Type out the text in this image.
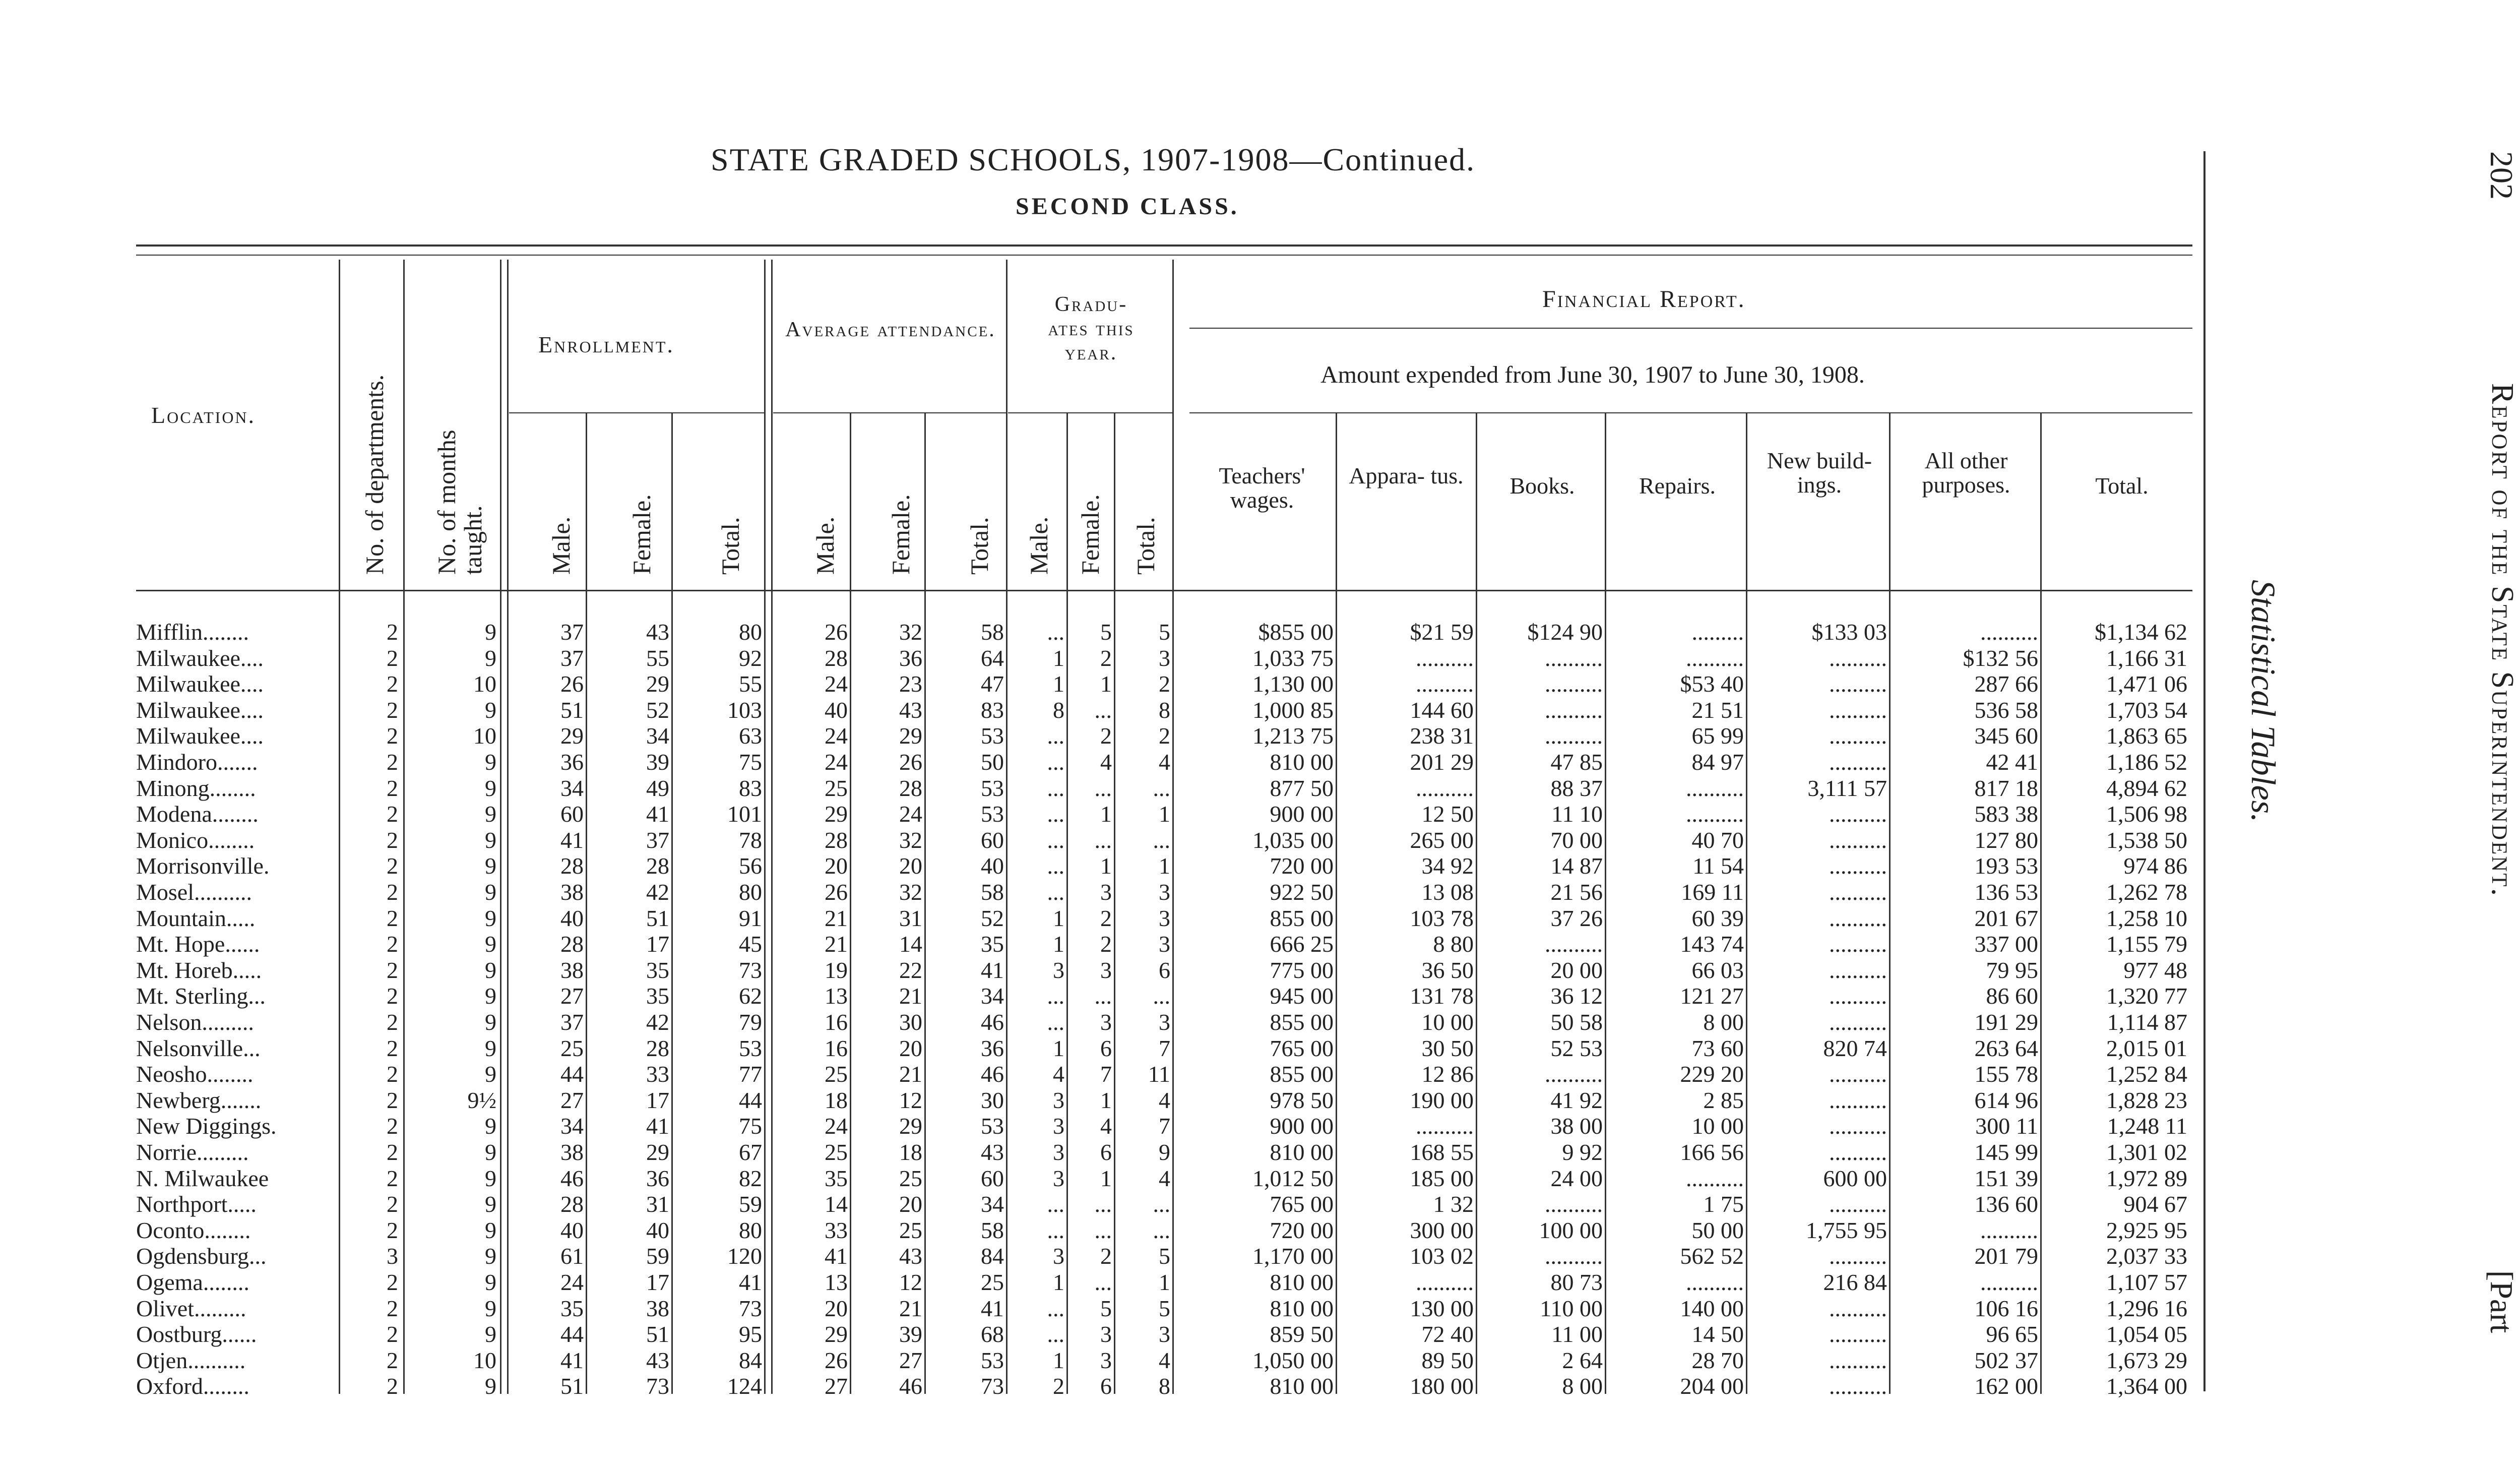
STATE GRADED SCHOOLS, 1907-1908—Continued.
SECOND CLASS.
202
Report of the State Superintendent.
[Part
Statistical Tables.
Location.	No. of departments. No. of months taught.
Enrollment.
Average attendance.
Gradu- ates this year.
Financial Report.
Amount expended from June 30, 1907 to June 30, 1908.
Male. Female. Total.	Male. Female. Total. Male. Female. Total.
Teachers' wages.
Appara- tus.	Books.	Repairs.
New build- ings.
All other purposes.	Total.
Mifflin........	2	9	37	43	80	26	32	58	...	5	5	$855 00	$21 59	$124 90	.........	$133 03	..........	$1,134 62
Milwaukee....	2	9	37	55	92	28	36	64	1	2	3	1,033 75	..........	..........	..........	..........	$132 56	1,166 31
Milwaukee....	2	10	26	29	55	24	23	47	1	1	2	1,130 00	..........	..........	$53 40	..........	287 66	1,471 06
Milwaukee....	2	9	51	52	103	40	43	83	8	...	8	1,000 85	144 60	..........	21 51	..........	536 58	1,703 54
Milwaukee....	2	10	29	34	63	24	29	53	...	2	2	1,213 75	238 31	..........	65 99	..........	345 60	1,863 65
Mindoro.......	2	9	36	39	75	24	26	50	...	4	4	810 00	201 29	47 85	84 97	..........	42 41	1,186 52
Minong........	2	9	34	49	83	25	28	53	...	...	...	877 50	..........	88 37	..........	3,111 57	817 18	4,894 62
Modena........	2	9	60	41	101	29	24	53	...	1	1	900 00	12 50	11 10	..........	..........	583 38	1,506 98
Monico........	2	9	41	37	78	28	32	60	...	...	...	1,035 00	265 00	70 00	40 70	..........	127 80	1,538 50
Morrisonville.	2	9	28	28	56	20	20	40	...	1	1	720 00	34 92	14 87	11 54	..........	193 53	974 86
Mosel..........	2	9	38	42	80	26	32	58	...	3	3	922 50	13 08	21 56	169 11	..........	136 53	1,262 78
Mountain.....	2	9	40	51	91	21	31	52	1	2	3	855 00	103 78	37 26	60 39	..........	201 67	1,258 10
Mt. Hope......	2	9	28	17	45	21	14	35	1	2	3	666 25	8 80	..........	143 74	..........	337 00	1,155 79
Mt. Horeb.....	2	9	38	35	73	19	22	41	3	3	6	775 00	36 50	20 00	66 03	..........	79 95	977 48
Mt. Sterling...	2	9	27	35	62	13	21	34	...	...	...	945 00	131 78	36 12	121 27	..........	86 60	1,320 77
Nelson.........	2	9	37	42	79	16	30	46	...	3	3	855 00	10 00	50 58	8 00	..........	191 29	1,114 87
Nelsonville...	2	9	25	28	53	16	20	36	1	6	7	765 00	30 50	52 53	73 60	820 74	263 64	2,015 01
Neosho........	2	9	44	33	77	25	21	46	4	7	11	855 00	12 86	..........	229 20	..........	155 78	1,252 84
Newberg.......	2	9½	27	17	44	18	12	30	3	1	4	978 50	190 00	41 92	2 85	..........	614 96	1,828 23
New Diggings.	2	9	34	41	75	24	29	53	3	4	7	900 00	..........	38 00	10 00	..........	300 11	1,248 11
Norrie.........	2	9	38	29	67	25	18	43	3	6	9	810 00	168 55	9 92	166 56	..........	145 99	1,301 02
N. Milwaukee	2	9	46	36	82	35	25	60	3	1	4	1,012 50	185 00	24 00	..........	600 00	151 39	1,972 89
Northport.....	2	9	28	31	59	14	20	34	...	...	...	765 00	1 32	..........	1 75	..........	136 60	904 67
Oconto........	2	9	40	40	80	33	25	58	...	...	...	720 00	300 00	100 00	50 00	1,755 95	..........	2,925 95
Ogdensburg...	3	9	61	59	120	41	43	84	3	2	5	1,170 00	103 02	..........	562 52	..........	201 79	2,037 33
Ogema........	2	9	24	17	41	13	12	25	1	...	1	810 00	..........	80 73	..........	216 84	..........	1,107 57
Olivet.........	2	9	35	38	73	20	21	41	...	5	5	810 00	130 00	110 00	140 00	..........	106 16	1,296 16
Oostburg......	2	9	44	51	95	29	39	68	...	3	3	859 50	72 40	11 00	14 50	..........	96 65	1,054 05
Otjen..........	2	10	41	43	84	26	27	53	1	3	4	1,050 00	89 50	2 64	28 70	..........	502 37	1,673 29
Oxford........	2	9	51	73	124	27	46	73	2	6	8	810 00	180 00	8 00	204 00	..........	162 00	1,364 00
